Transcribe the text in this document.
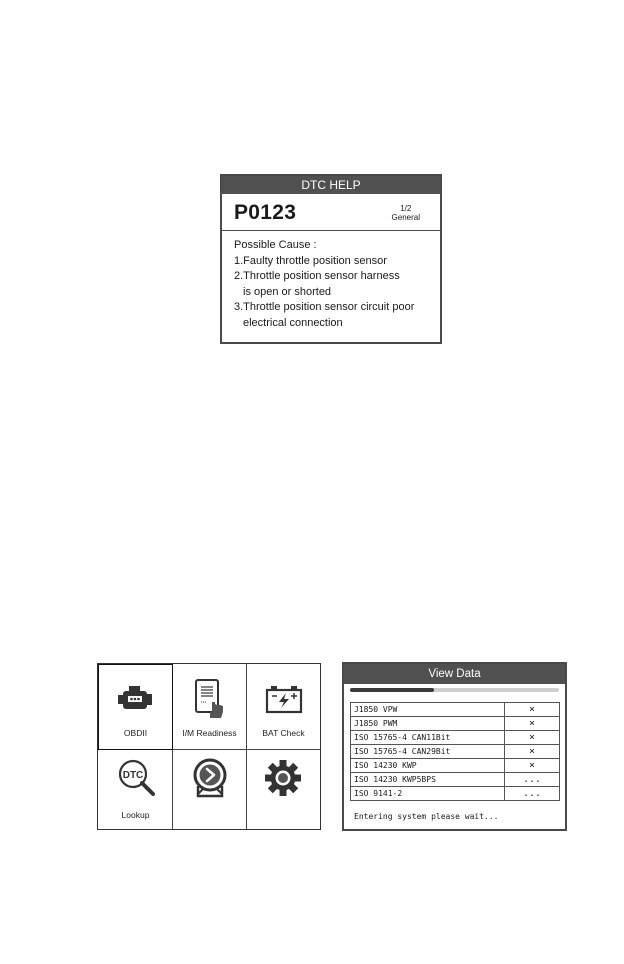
DTC HELP
P0123	1/2
General
Possible Cause :
1.Faulty throttle position sensor
2.Throttle position sensor harness
is open or shorted
3.Throttle position sensor circuit poor
electrical connection
OBDII	I/M Readiness	BAT Check
DTC
Lookup
View Data
J1850 VPW	×
J1850 PWM	×
ISO 15765-4 CAN11Bit	×
ISO 15765-4 CAN29Bit	×
ISO 14230 KWP	×
ISO 14230 KWP5BPS	...
ISO 9141-2	...
Entering system please wait...
